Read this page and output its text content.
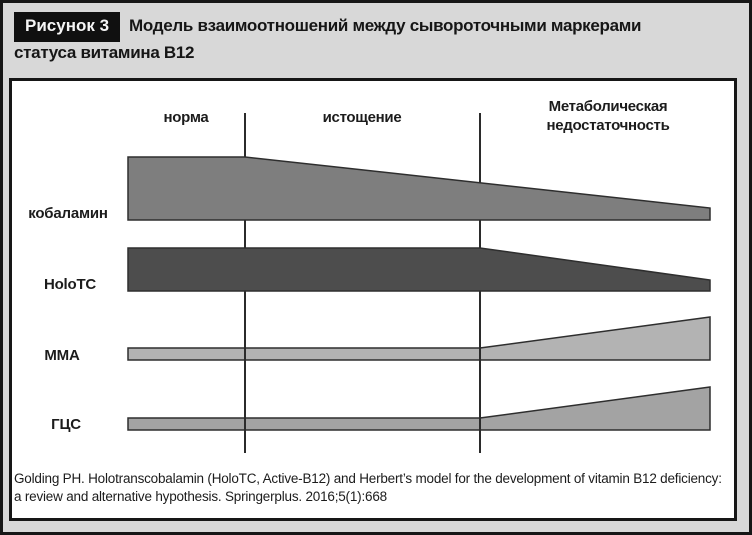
Рисунок 3 Модель взаимоотношений между сывороточными маркерами статуса витамина B12
норма	истощение
Метаболическая недостаточность
кобаламин
HoloTC
MMA
ГЦС
Golding PH. Holotranscobalamin (HoloTC, Active-B12) and Herbert’s model for the development of vitamin B12 deficiency: a review and alternative hypothesis. Springerplus. 2016;5(1):668
